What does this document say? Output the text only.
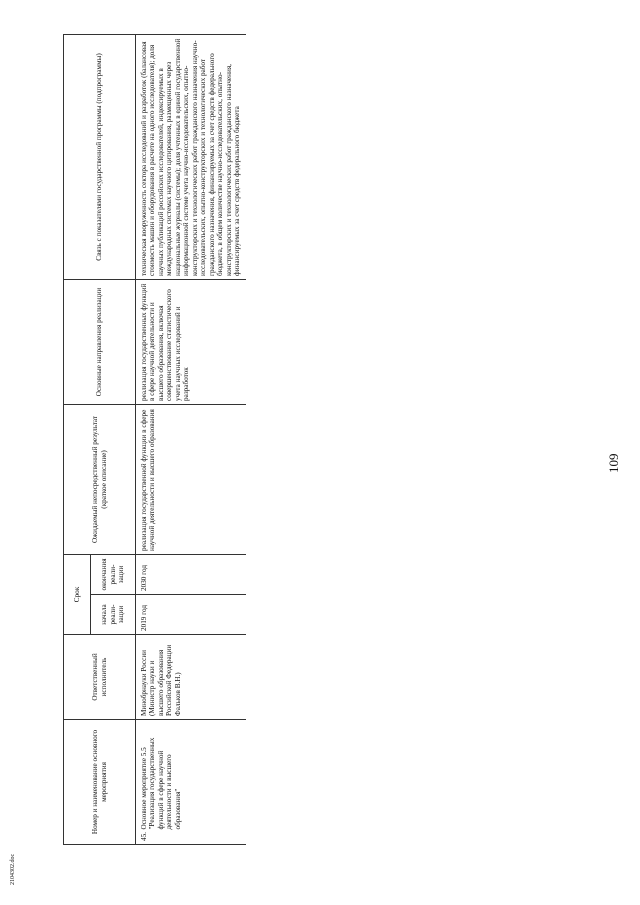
109
2104302.doc
Номер и наименование основного мероприятия		Ответственный исполнитель	Срок		Ожидаемый непосредственный результат (краткое описание)	Основные направления реализации	Связь с показателями государственной программы (подпрограммы)
			начала реали-зации	окончания реали-зации			
45.	Основное мероприятие 5.5 "Реализация государственных функций в сфере научной деятельности и высшего образования"	Минобрнауки России (Министр науки и высшего образования Российской Федерации Фальков В.Н.)	2019 год	2030 год	реализация государственной функции в сфере научной деятельности и высшего образования	реализация государственных функций в сфере научной деятельности и высшего образования, включая совершенствование статистического учета научных исследований и разработок	техническая вооруженность сектора исследований и разработок (балансовая стоимость машин и оборудования в расчете на одного исследователя); доля научных публикаций российских исследователей, индексируемых в международных системах научного цитирования, размещенных через национальные журналы (системы); доля учтенных в единой государственной информационной системе учета научно-исследовательских, опытно-конструкторских и технологических работ гражданского назначения научно-исследовательских, опытно-конструкторских и технологических работ гражданского назначения, финансируемых за счет средств федерального бюджета, в общем количестве научно-исследовательских, опытно-конструкторских и технологических работ гражданского назначения, финансируемых за счет средств федерального бюджета
